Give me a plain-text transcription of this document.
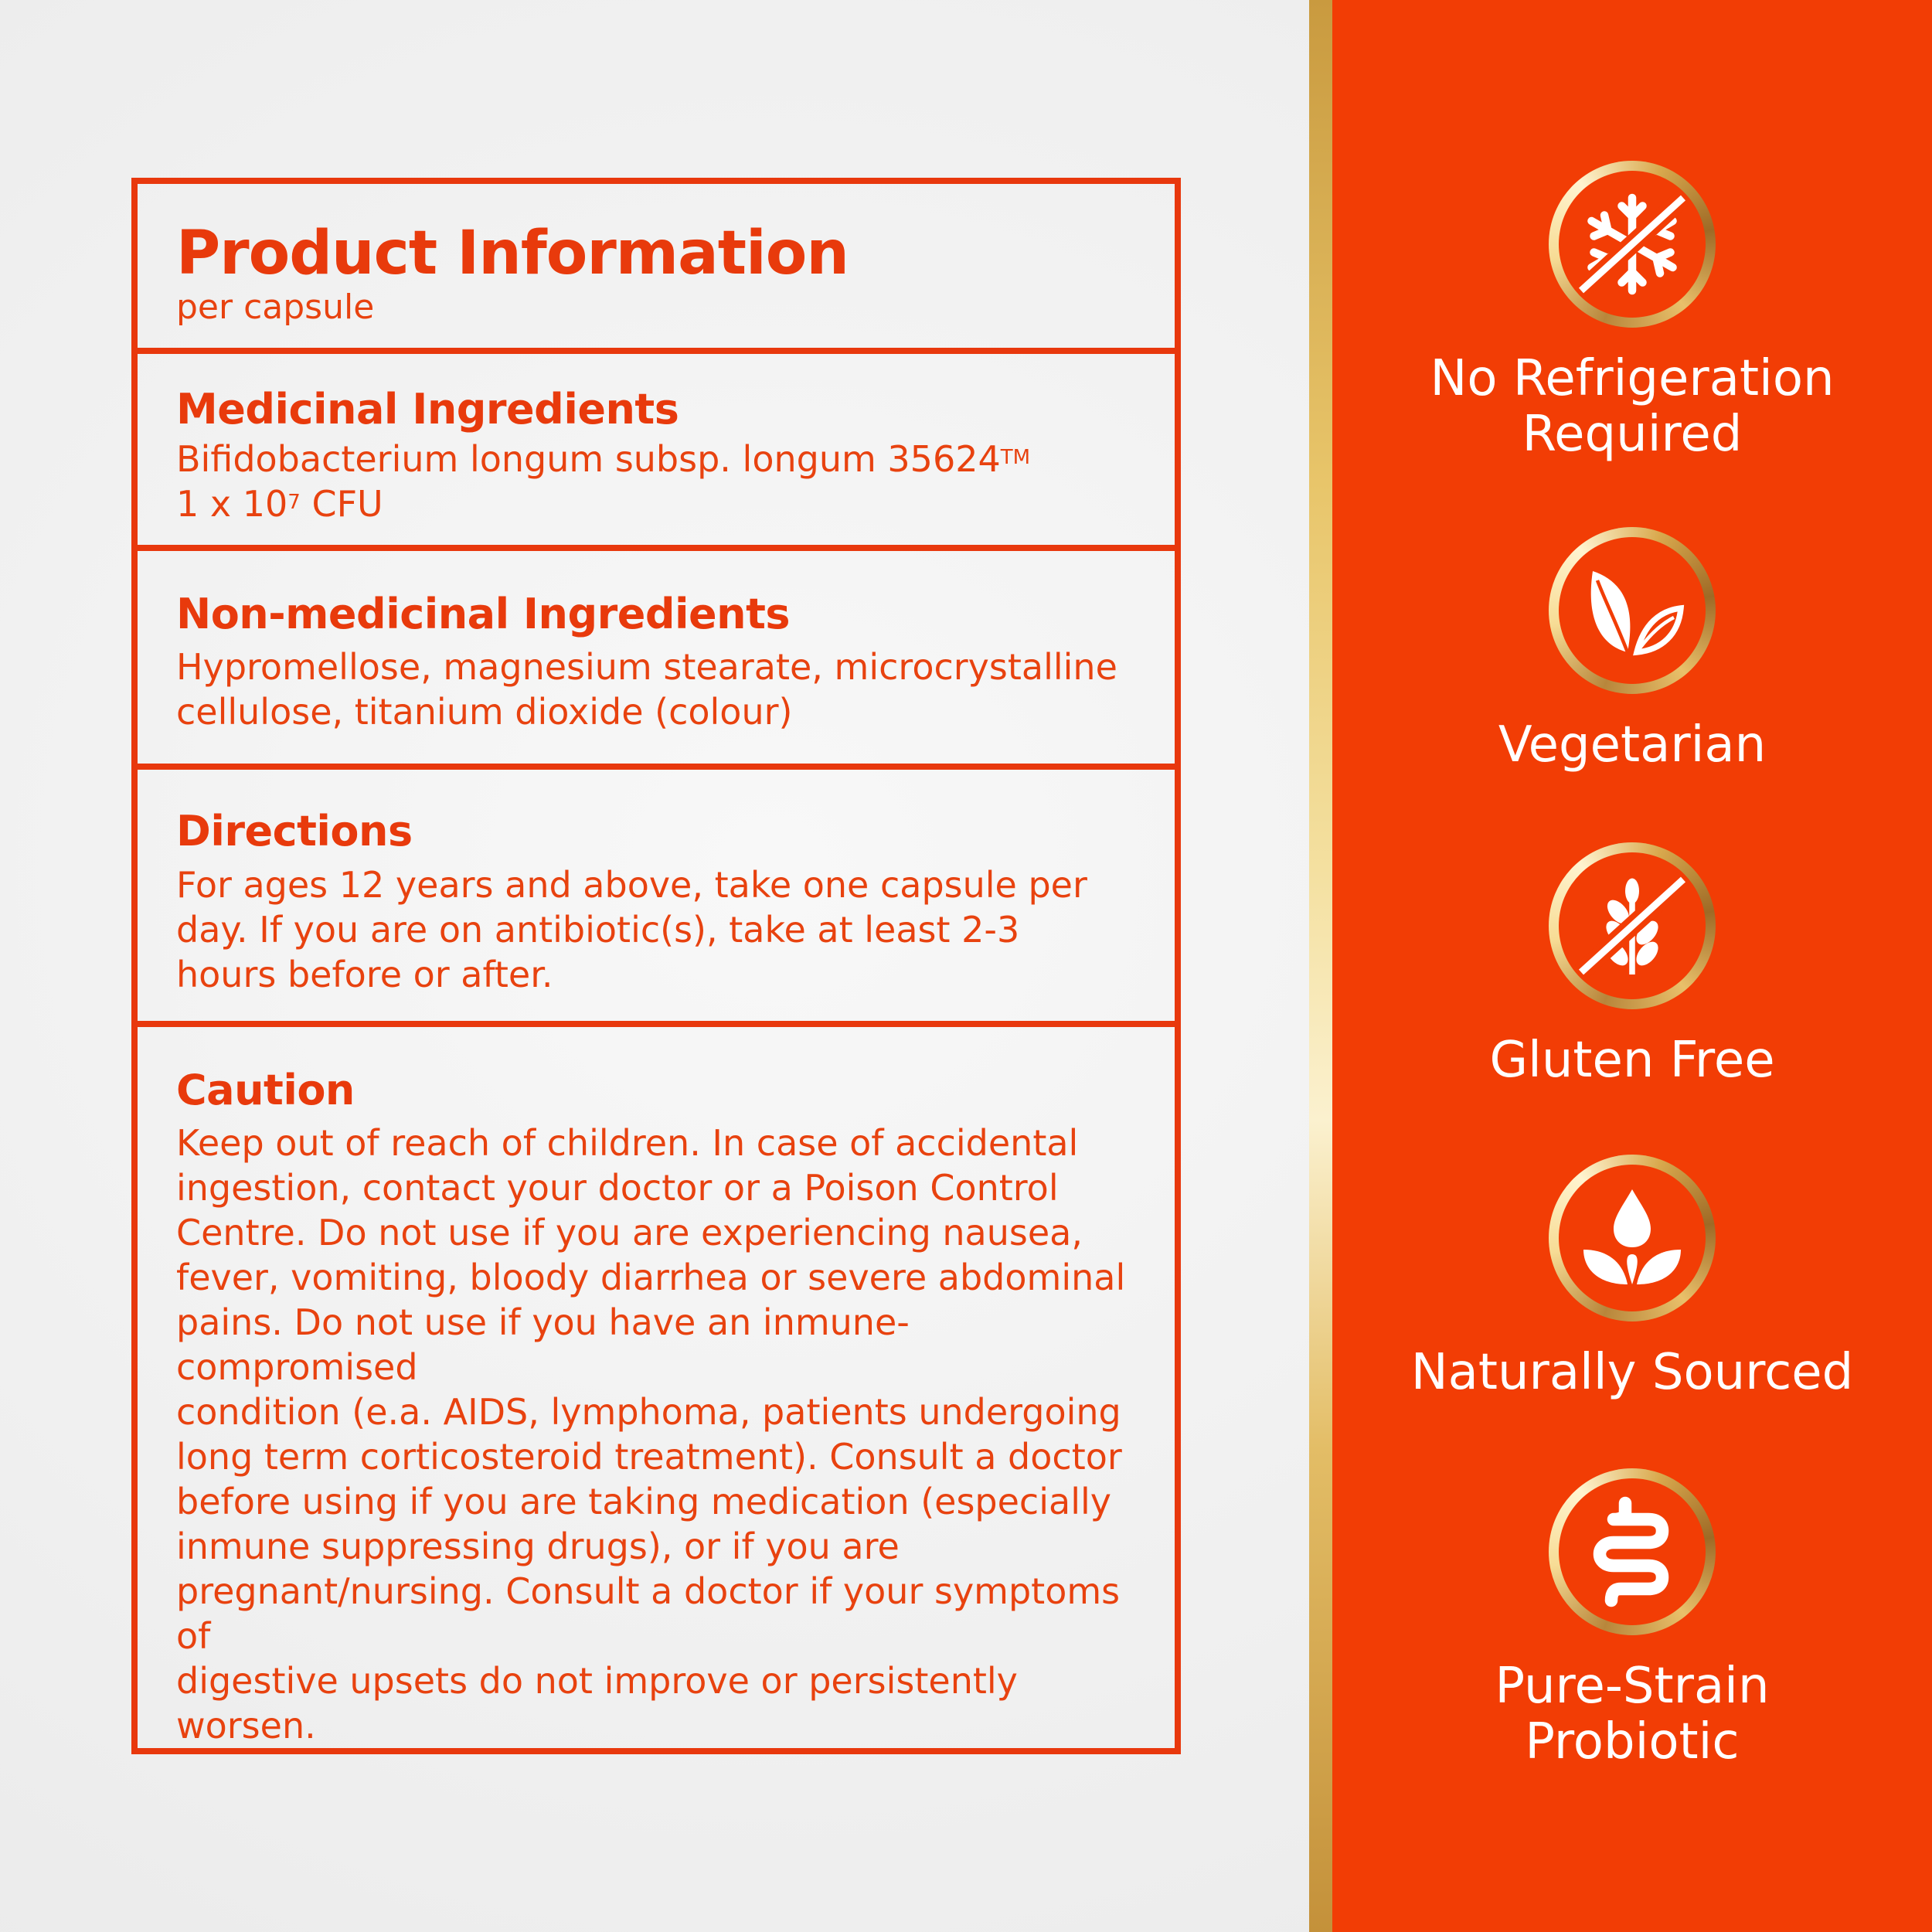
Product Information

per capsule

Medicinal Ingredients

Bifidobacterium longum subsp. longum 35624™

1 x $10^7$ CFU

Non-medicinal Ingredients

Hypromellose, magnesium stearate, microcrystalline

cellulose, titanium dioxide (colour)

Directions

For ages 12 years and above, take one capsule per

day. If you are on antibiotic(s), take at least 2-3

hours before or after.

Caution

Keep out of reach of children. In case of accidental

ingestion, contact your doctor or a Poison Control

Centre. Do not use if you are experiencing nausea,

fever, vomiting, bloody diarrhea or severe abdominal

pains. Do not use if you have an inmune-compromised

condition (e.a. AIDS, lymphoma, patients undergoing

long term corticosteroid treatment). Consult a doctor

before using if you are taking medication (especially

inmune suppressing drugs), or if you are

pregnant/nursing. Consult a doctor if your symptoms of

digestive upsets do not improve or persistently worsen.

No Refrigeration
Required
Vegetarian
Gluten Free
Naturally Sourced
Pure-Strain
Probiotic
